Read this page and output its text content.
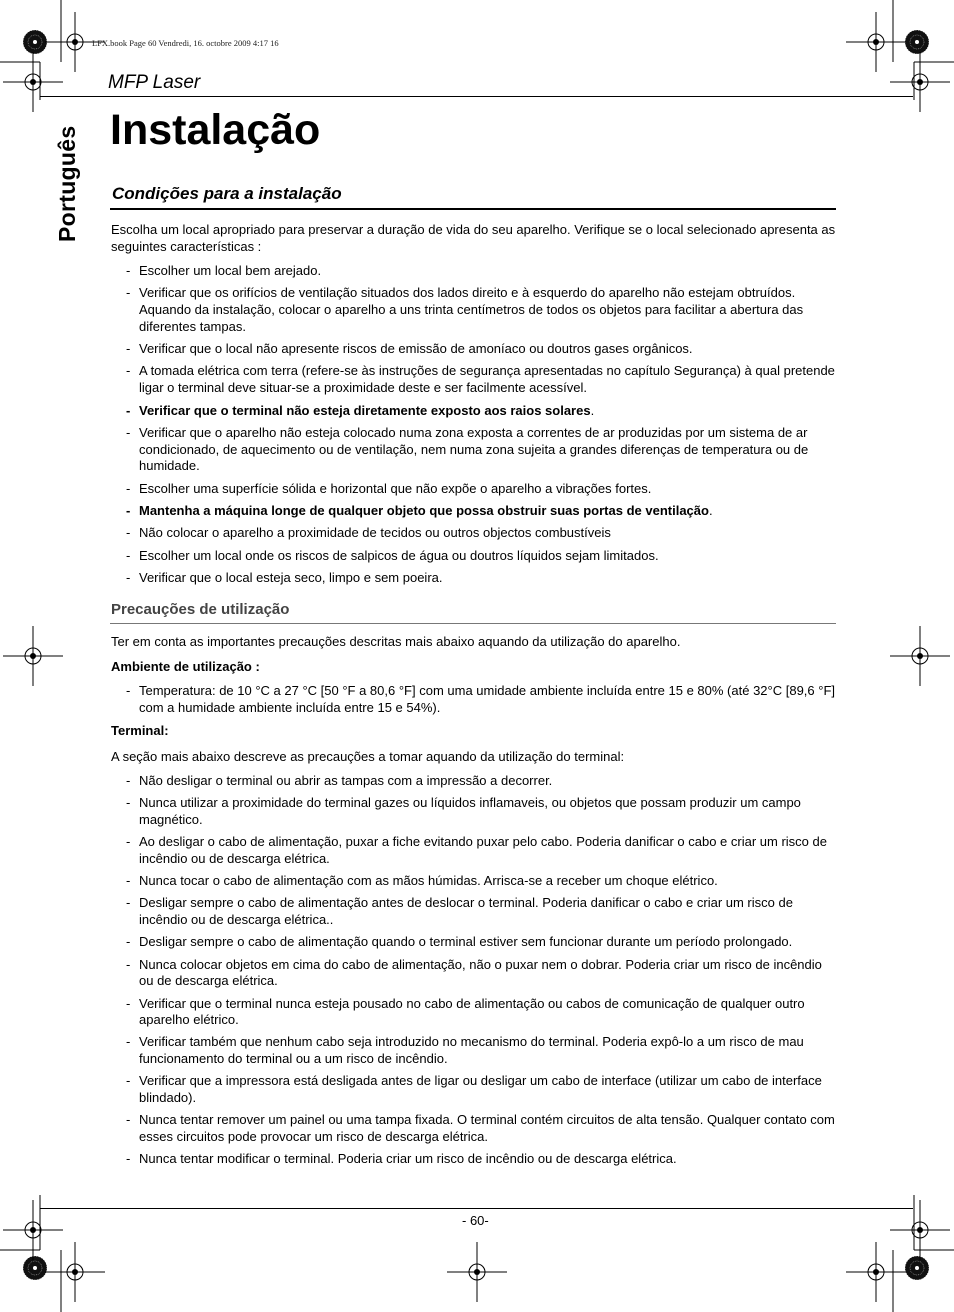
LFX.book Page 60 Vendredi, 16. octobre 2009 4:17 16
MFP Laser
Português Instalação
Condições para a instalação
Escolha um local apropriado para preservar a duração de vida do seu aparelho. Verifique se o local selecionado apresenta as seguintes características :
- Escolher um local bem arejado.
- Verificar que os orifícios de ventilação situados dos lados direito e à esquerdo do aparelho não estejam obtruídos. Aquando da instalação, colocar o aparelho a uns trinta centímetros de todos os objetos para facilitar a abertura das diferentes tampas.
- Verificar que o local não apresente riscos de emissão de amoníaco ou doutros gases orgânicos.
- A tomada elétrica com terra (refere-se às instruções de segurança apresentadas no capítulo Segurança) à qual pretende ligar o terminal deve situar-se a proximidade deste e ser facilmente acessível.
- Verificar que o terminal não esteja diretamente exposto aos raios solares.
- Verificar que o aparelho não esteja colocado numa zona exposta a correntes de ar produzidas por um sistema de ar condicionado, de aquecimento ou de ventilação, nem numa zona sujeita a grandes diferenças de temperatura ou de humidade.
- Escolher uma superfície sólida e horizontal que não expõe o aparelho a vibrações fortes.
- Mantenha a máquina longe de qualquer objeto que possa obstruir suas portas de ventilação.
- Não colocar o aparelho a proximidade de tecidos ou outros objectos combustíveis
- Escolher um local onde os riscos de salpicos de água ou doutros líquidos sejam limitados.
- Verificar que o local esteja seco, limpo e sem poeira.
Precauções de utilização
Ter em conta as importantes precauções descritas mais abaixo aquando da utilização do aparelho.
Ambiente de utilização :
- Temperatura: de 10 °C a 27 °C [50 °F a 80,6 °F] com uma umidade ambiente incluída entre 15 e 80% (até 32°C [89,6 °F] com a humidade ambiente incluída entre 15 e 54%).
Terminal:
A seção mais abaixo descreve as precauções a tomar aquando da utilização do terminal:
- Não desligar o terminal ou abrir as tampas com a impressão a decorrer.
- Nunca utilizar a proximidade do terminal gazes ou líquidos inflamaveis, ou objetos que possam produzir um campo magnético.
- Ao desligar o cabo de alimentação, puxar a fiche evitando puxar pelo cabo. Poderia danificar o cabo e criar um risco de incêndio ou de descarga elétrica.
- Nunca tocar o cabo de alimentação com as mãos húmidas. Arrisca-se a receber um choque elétrico.
- Desligar sempre o cabo de alimentação antes de deslocar o terminal. Poderia danificar o cabo e criar um risco de incêndio ou de descarga elétrica..
- Desligar sempre o cabo de alimentação quando o terminal estiver sem funcionar durante um período prolongado.
- Nunca colocar objetos em cima do cabo de alimentação, não o puxar nem o dobrar. Poderia criar um risco de incêndio ou de descarga elétrica.
- Verificar que o terminal nunca esteja pousado no cabo de alimentação ou cabos de comunicação de qualquer outro aparelho elétrico.
- Verificar também que nenhum cabo seja introduzido no mecanismo do terminal. Poderia expô-lo a um risco de mau funcionamento do terminal ou a um risco de incêndio.
- Verificar que a impressora está desligada antes de ligar ou desligar um cabo de interface (utilizar um cabo de interface blindado).
- Nunca tentar remover um painel ou uma tampa fixada. O terminal contém circuitos de alta tensão. Qualquer contato com esses circuitos pode provocar um risco de descarga elétrica.
- Nunca tentar modificar o terminal. Poderia criar um risco de incêndio ou de descarga elétrica.
- 60-
